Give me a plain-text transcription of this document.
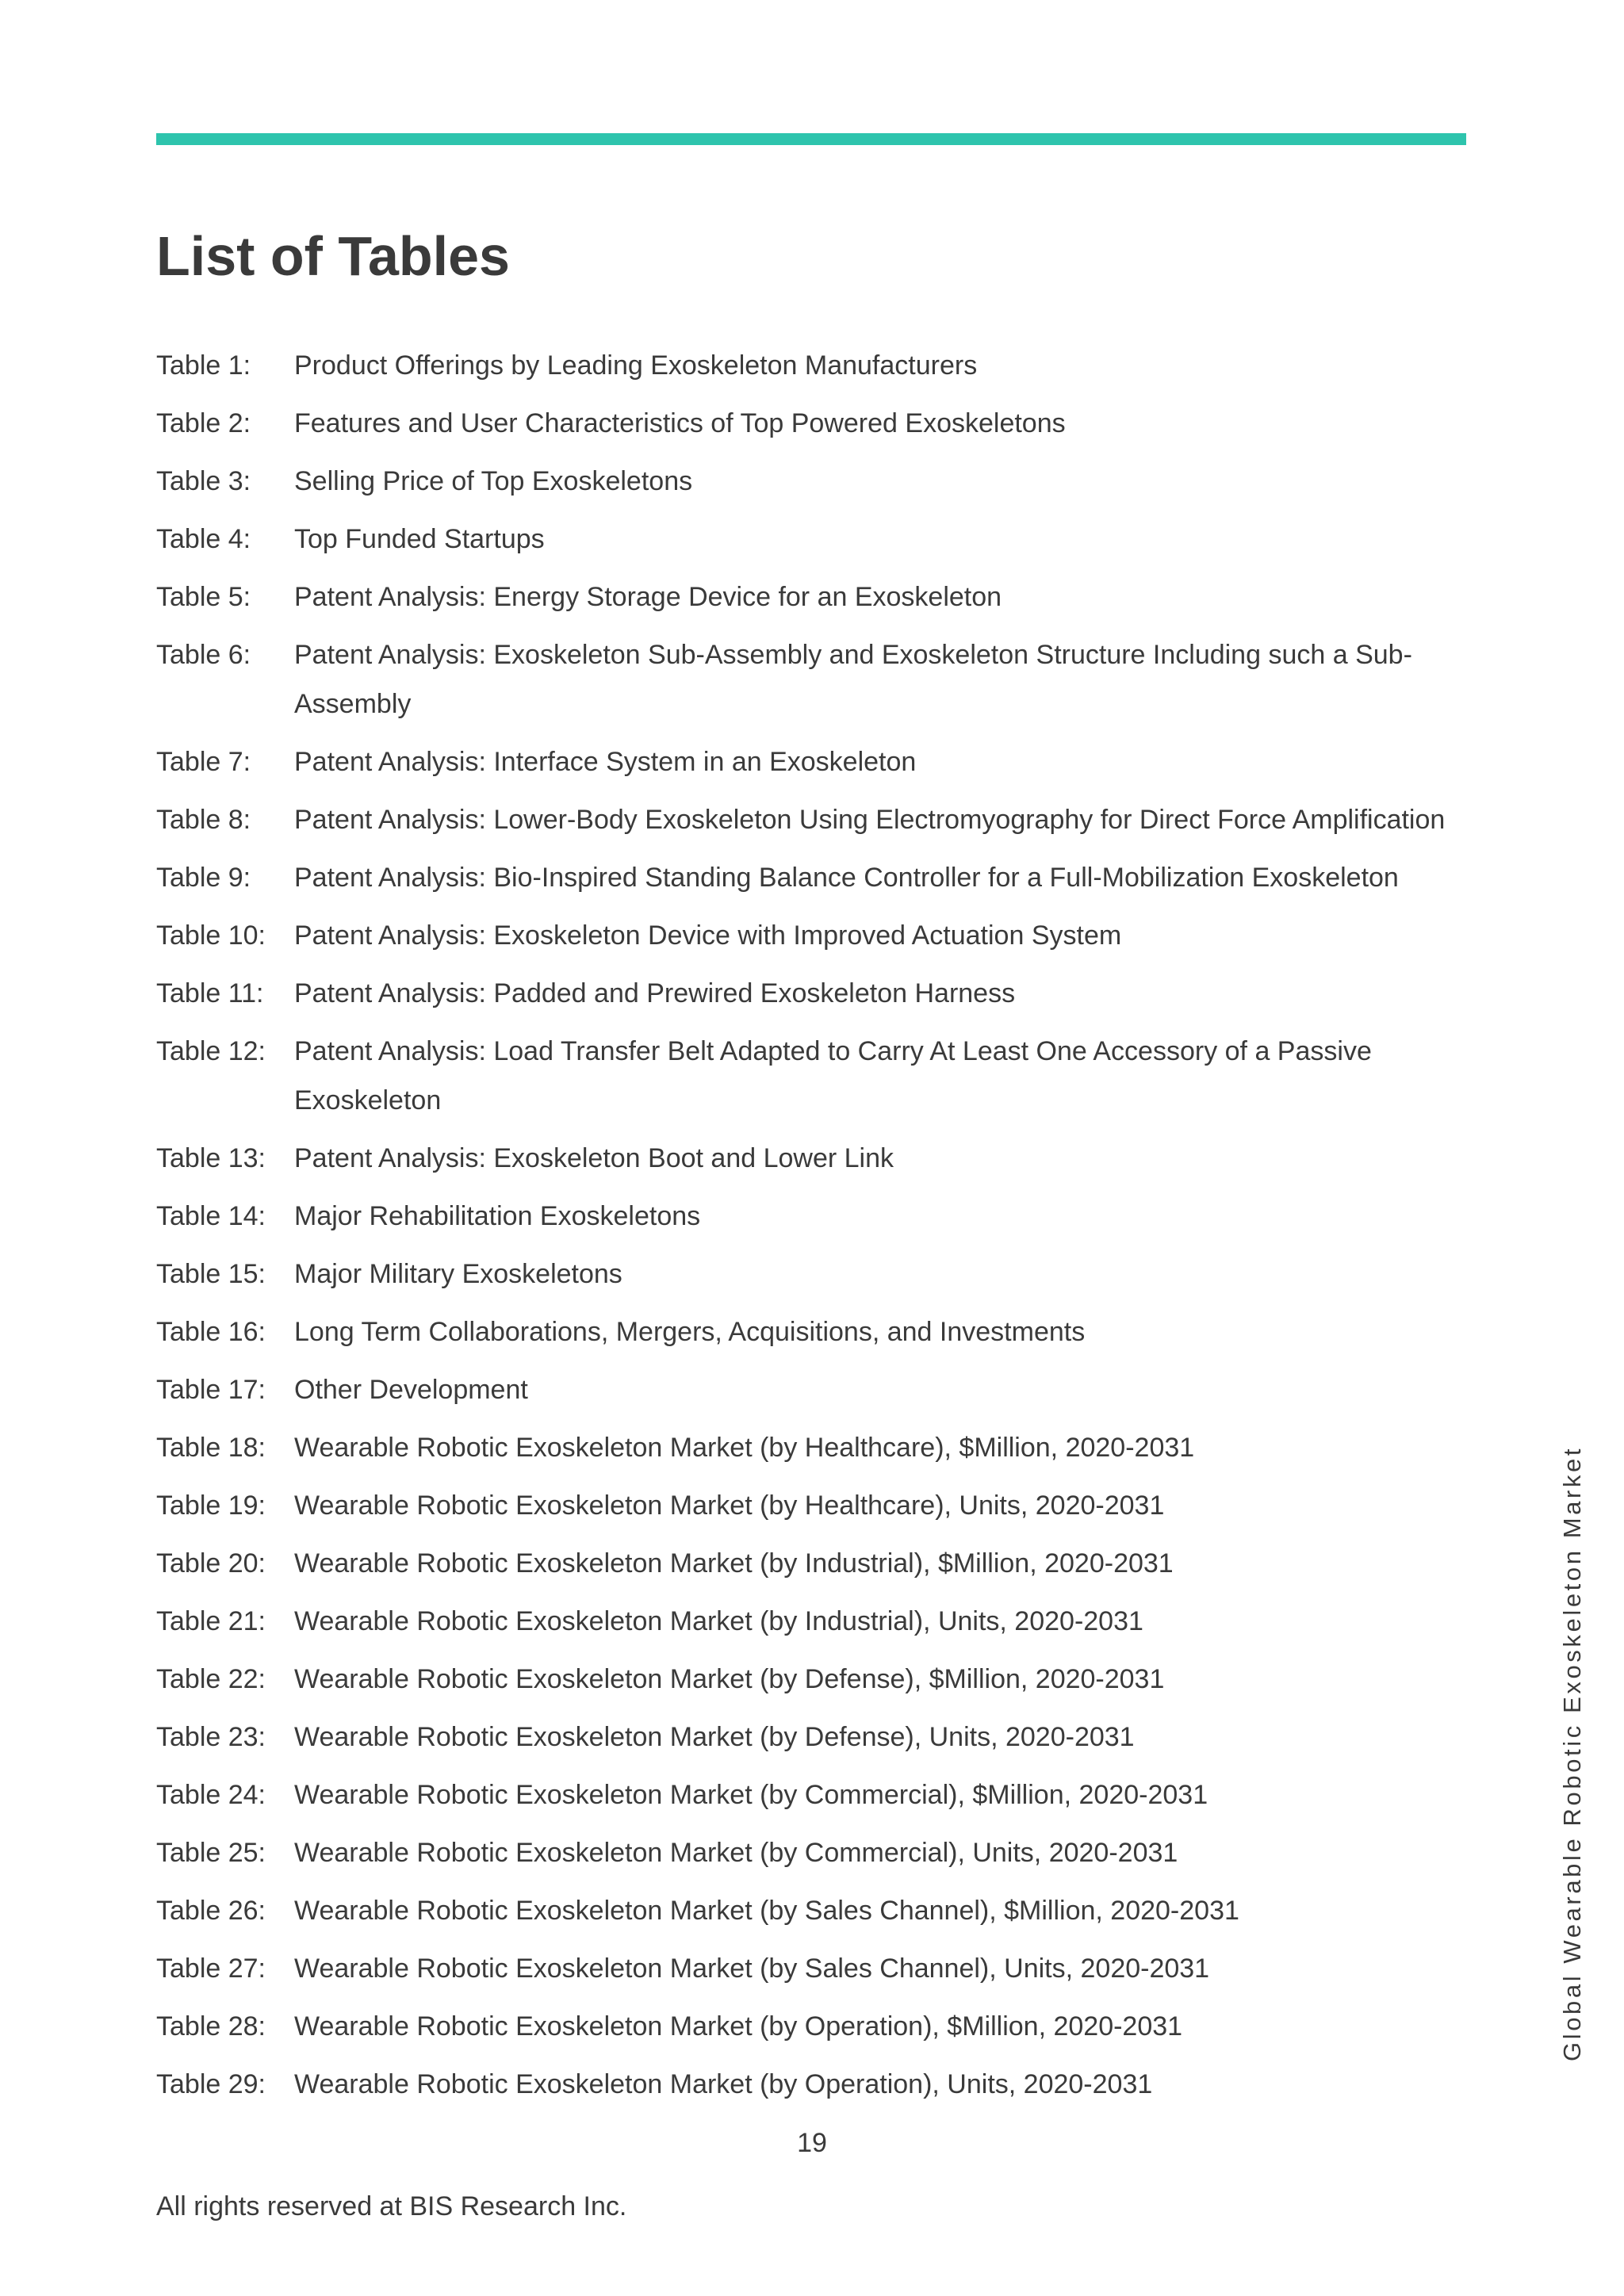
List of Tables
Table 1:	Product Offerings by Leading Exoskeleton Manufacturers
Table 2:	Features and User Characteristics of Top Powered Exoskeletons
Table 3:	Selling Price of Top Exoskeletons
Table 4:	Top Funded Startups
Table 5:	Patent Analysis: Energy Storage Device for an Exoskeleton
Table 6:	Patent Analysis: Exoskeleton Sub-Assembly and Exoskeleton Structure Including such a Sub-Assembly
Table 7:	Patent Analysis: Interface System in an Exoskeleton
Table 8:	Patent Analysis: Lower-Body Exoskeleton Using Electromyography for Direct Force Amplification
Table 9:	Patent Analysis: Bio-Inspired Standing Balance Controller for a Full-Mobilization Exoskeleton
Table 10:	Patent Analysis: Exoskeleton Device with Improved Actuation System
Table 11:	Patent Analysis: Padded and Prewired Exoskeleton Harness
Table 12:	Patent Analysis: Load Transfer Belt Adapted to Carry At Least One Accessory of a Passive Exoskeleton
Table 13:	Patent Analysis: Exoskeleton Boot and Lower Link
Table 14:	Major Rehabilitation Exoskeletons
Table 15:	Major Military Exoskeletons
Table 16:	Long Term Collaborations, Mergers, Acquisitions, and Investments
Table 17:	Other Development
Table 18:	Wearable Robotic Exoskeleton Market (by Healthcare), $Million, 2020-2031
Table 19:	Wearable Robotic Exoskeleton Market (by Healthcare), Units, 2020-2031
Table 20:	Wearable Robotic Exoskeleton Market (by Industrial), $Million, 2020-2031
Table 21:	Wearable Robotic Exoskeleton Market (by Industrial), Units, 2020-2031
Table 22:	Wearable Robotic Exoskeleton Market (by Defense), $Million, 2020-2031
Table 23:	Wearable Robotic Exoskeleton Market (by Defense), Units, 2020-2031
Table 24:	Wearable Robotic Exoskeleton Market (by Commercial), $Million, 2020-2031
Table 25:	Wearable Robotic Exoskeleton Market (by Commercial), Units, 2020-2031
Table 26:	Wearable Robotic Exoskeleton Market (by Sales Channel), $Million, 2020-2031
Table 27:	Wearable Robotic Exoskeleton Market (by Sales Channel), Units, 2020-2031
Table 28:	Wearable Robotic Exoskeleton Market (by Operation), $Million, 2020-2031
Table 29:	Wearable Robotic Exoskeleton Market (by Operation), Units, 2020-2031
Global Wearable Robotic Exoskeleton Market
19
All rights reserved at BIS Research Inc.
